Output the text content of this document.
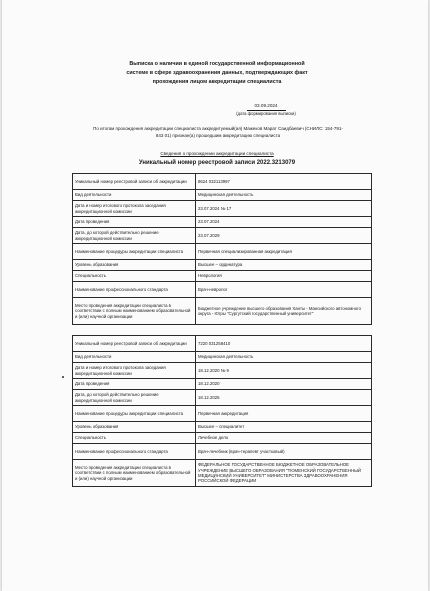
Выписка о наличии в единой государственной информационной
системе в сфере здравоохранения данных, подтверждающих факт
прохождения лицом аккредитации специалиста
03.09.2024
(дата формирования выписки)
По итогам прохождения аккредитации специалиста аккредитуемый(ая) Мажеков Марат Саидбаевич (СНИЛС: 154-791-
843 01) признан(а) прошедшим аккредитацию специалиста
Сведения о прохождении аккредитации специалиста
Уникальный номер реестровой записи 2022.3213079
Уникальный номер реестровой записи об аккредитации	8624 032113997
Вид деятельности	Медицинская деятельность
Дата и номер итогового протокола заседания аккредитационной комиссии	23.07.2024 № 17
Дата проведения	23.07.2024
Дата, до которой действительно решение аккредитационной комиссии	23.07.2029
Наименование процедуры аккредитации специалиста	Первичная специализированная аккредитация
Уровень образования	Высшее – ординатура
Специальность	Неврология
Наименование профессионального стандарта	Врач-невролог
Место проведения аккредитации специалиста в соответствии с полным наименованием образовательной и (или) научной организации	Бюджетное учреждение высшего образования Ханты - Мансийского автономного округа - Югры "Сургутский государственный университет"
Уникальный номер реестровой записи об аккредитации	7220 031258410
Вид деятельности	Медицинская деятельность
Дата и номер итогового протокола заседания аккредитационной комиссии	18.12.2020 № 9
Дата проведения	18.12.2020
Дата, до которой действительно решение аккредитационной комиссии	18.12.2025
Наименование процедуры аккредитации специалиста	Первичная аккредитация
Уровень образования	Высшее – специалитет
Специальность	Лечебное дело
Наименование профессионального стандарта	Врач-лечебник (врач-терапевт участковый)
Место проведения аккредитации специалиста в соответствии с полным наименованием образовательной и (или) научной организации	ФЕДЕРАЛЬНОЕ ГОСУДАРСТВЕННОЕ БЮДЖЕТНОЕ ОБРАЗОВАТЕЛЬНОЕ УЧРЕЖДЕНИЕ ВЫСШЕГО ОБРАЗОВАНИЯ "ТЮМЕНСКИЙ ГОСУДАРСТВЕННЫЙ МЕДИЦИНСКИЙ УНИВЕРСИТЕТ" МИНИСТЕРСТВА ЗДРАВООХРАНЕНИЯ РОССИЙСКОЙ ФЕДЕРАЦИИ
